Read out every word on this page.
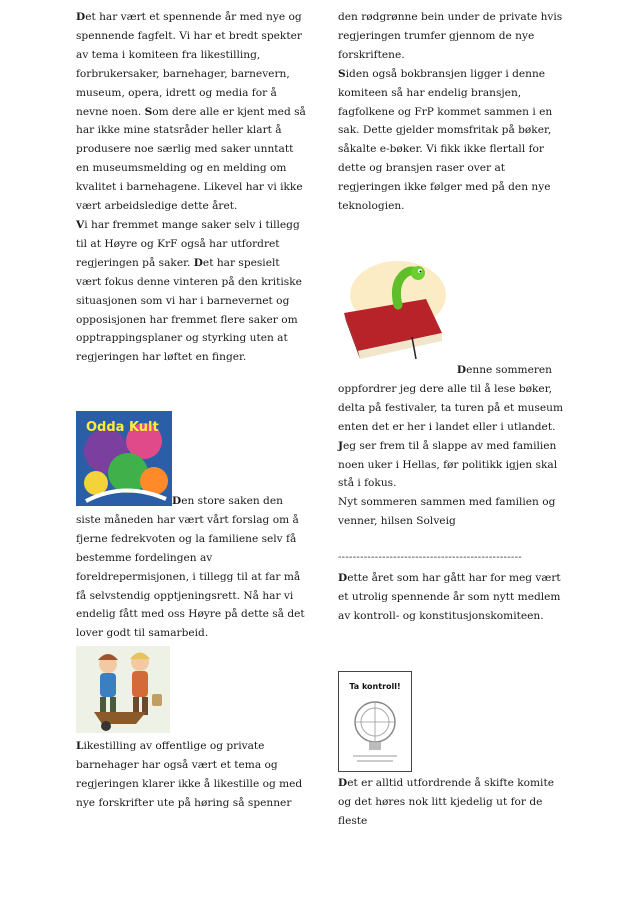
Det har vært et spennende år med nye og spennende fagfelt. Vi har et bredt spekter av tema i komiteen fra likestilling, forbrukersaker, barnehager, barnevern, museum, opera, idrett og media for å nevne noen. Som dere alle er kjent med så har ikke mine statsråder heller klart å produsere noe særlig med saker unntatt en museumsmelding og en melding om kvalitet i barnehagene. Likevel har vi ikke vært arbeidsledige dette året.

Vi har fremmet mange saker selv i tillegg til at Høyre og KrF også har utfordret regjeringen på saker. Det har spesielt vært fokus denne vinteren på den kritiske situasjonen som vi har i barnevernet og opposisjonen har fremmet flere saker om opptrappingsplaner og styrking uten at regjeringen har løftet en finger.

Odda Kult

Den store saken den siste måneden har vært vårt forslag om å fjerne fedrekvoten og la familiene selv få bestemme fordelingen av foreldrepermisjonen, i tillegg til at far må få selvstendig opptjeningsrett. Nå har vi endelig fått med oss Høyre på dette så det lover godt til samarbeid.

Likestilling av offentlige og private barnehager har også vært et tema og regjeringen klarer ikke å likestille og med nye forskrifter ute på høring så spenner

den rødgrønne bein under de private hvis regjeringen trumfer gjennom de nye forskriftene.

Siden også bokbransjen ligger i denne komiteen så har endelig bransjen, fagfolkene og FrP kommet sammen i en sak. Dette gjelder momsfritak på bøker, såkalte e-bøker. Vi fikk ikke flertall for dette og bransjen raser over at regjeringen ikke følger med på den nye teknologien.

Denne sommeren

oppfordrer jeg dere alle til å lese bøker, delta på festivaler, ta turen på et museum enten det er her i landet eller i utlandet.

Jeg ser frem til å slappe av med familien noen uker i Hellas, før politikk igjen skal stå i fokus.

Nyt sommeren sammen med familien og venner, hilsen Solveig

--------------------------------------------------

Dette året som har gått har for meg vært et utrolig spennende år som nytt medlem av kontroll- og konstitusjonskomiteen.

Ta kontroll!

Det er alltid utfordrende å skifte komite og det høres nok litt kjedelig ut for de fleste
